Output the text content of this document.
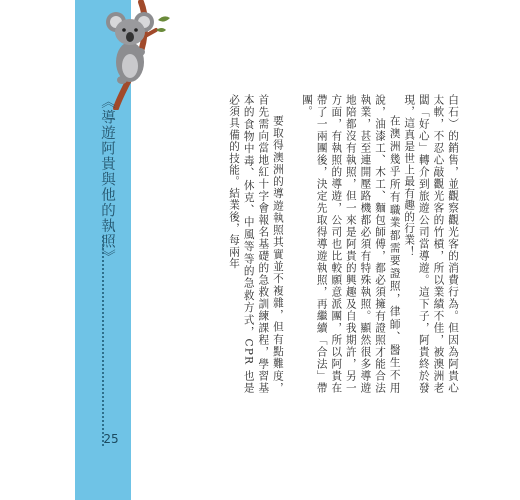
《導遊阿貴與他的執照》
25

白石）的銷售，並觀察觀光客的消費行為。但因為阿貴心太軟，不忍心敲觀光客的竹槓，所以業績不佳，被澳洲老闆「好心」轉介到旅遊公司當導遊。這下子，阿貴終於發現，這真是世上最有趣的行業！

在澳洲幾乎所有職業都需要證照，律師、醫生不用說，油漆工、木工、麵包師傅，都必須擁有證照才能合法執業，甚至連開壓路機都必須有特殊執照。顯然很多導遊地陪都沒有執照，但一來是阿貴的興趣及自我期許，另一方面，有執照的導遊，公司也比較願意派團，所以阿貴在帶了一兩團後，決定先取得導遊執照，再繼續「合法」帶團。

要取得澳洲的導遊執照其實並不複雜，但有點難度，首先需向當地紅十字會報名基礎的急救訓練課程，學習基本的食物中毒、休克、中風等等的急救方式，CPR 也是必須具備的技能。結業後，每兩年
